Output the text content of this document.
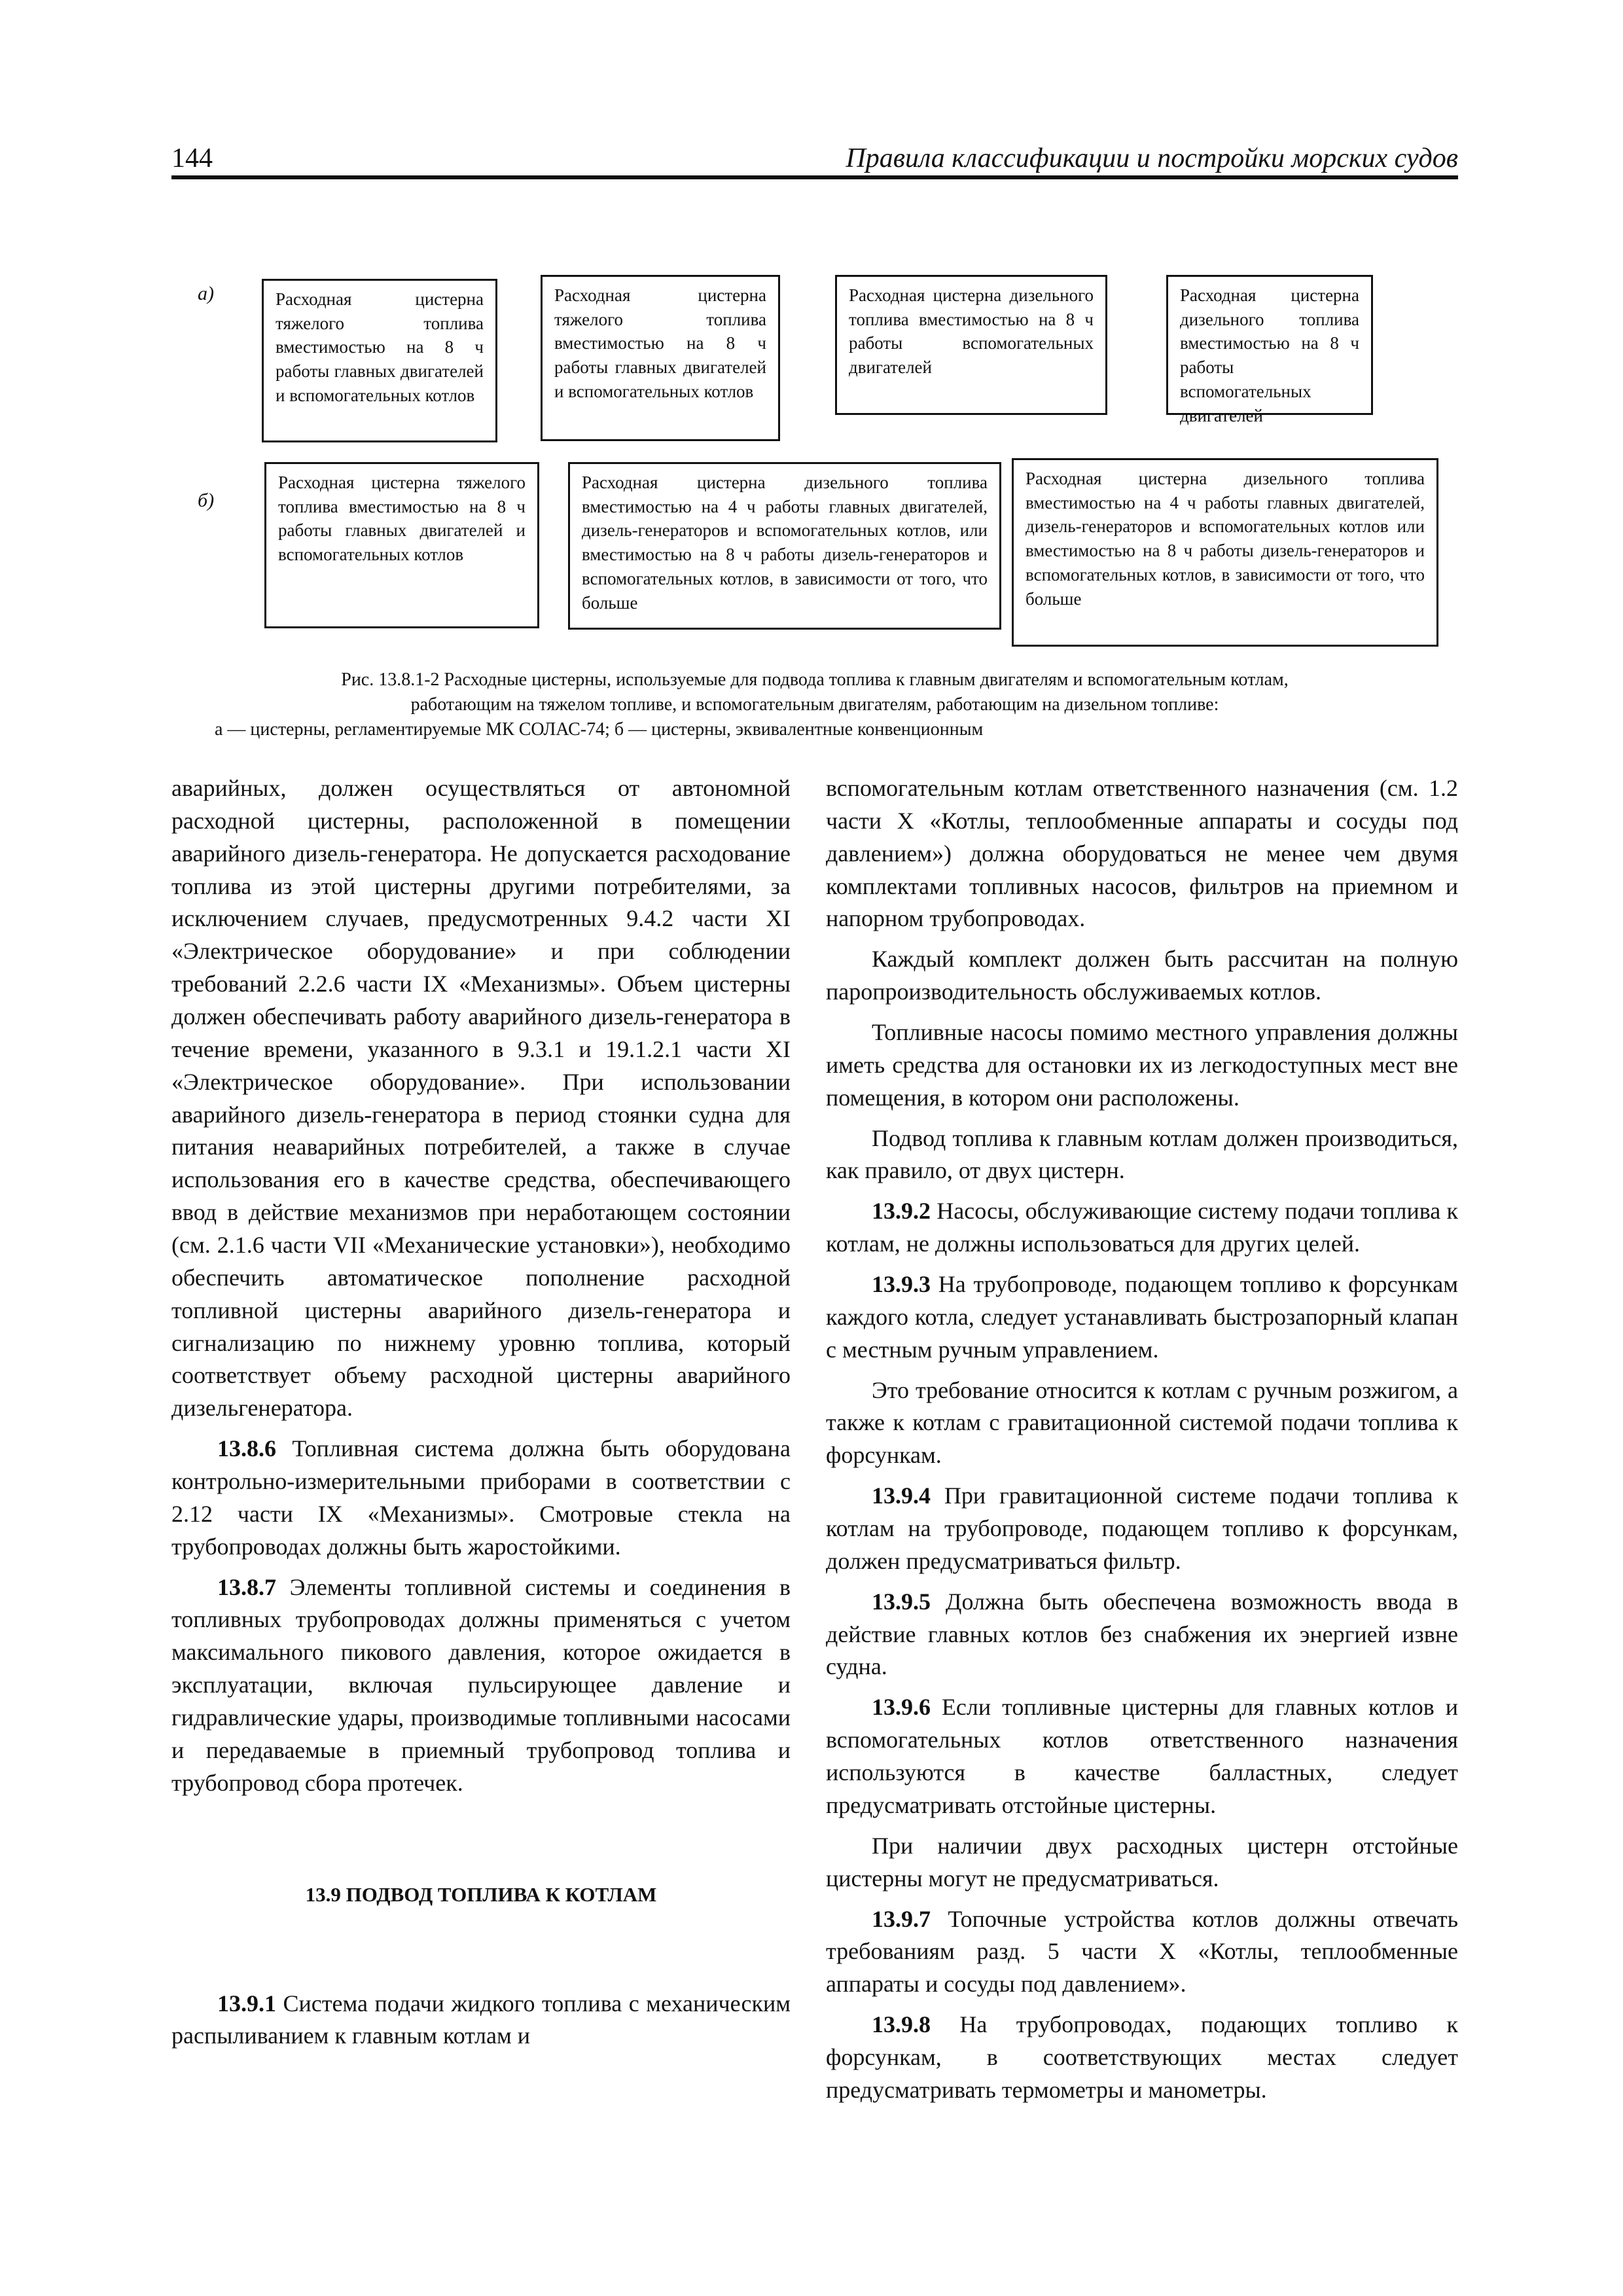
144	Правила классификации и постройки морских судов
а)	Расходная цистерна тяжелого топлива вместимостью на 8 ч работы главных двигателей и вспомогательных котлов
Расходная цистерна тяжелого топлива вместимостью на 8 ч работы главных двигателей и вспомогательных котлов
Расходная цистерна дизельного топлива вместимостью на 8 ч работы вспомогательных двигателей
Расходная цистерна дизельного топлива вместимостью на 8 ч работы вспомогательных двигателей
б)
Расходная цистерна тяжелого топлива вместимостью на 8 ч работы главных двигателей и вспомогательных котлов
Расходная цистерна дизельного топлива вместимостью на 4 ч работы главных двигателей, дизель-генераторов и вспомогательных котлов, или вместимостью на 8 ч работы дизель-генераторов и вспомогательных котлов, в зависимости от того, что больше
Расходная цистерна дизельного топлива вместимостью на 4 ч работы главных двигателей, дизель-генераторов и вспомогательных котлов или вместимостью на 8 ч работы дизель-генераторов и вспомогательных котлов, в зависимости от того, что больше
Рис. 13.8.1-2 Расходные цистерны, используемые для подвода топлива к главным двигателям и вспомогательным котлам,
работающим на тяжелом топливе, и вспомогательным двигателям, работающим на дизельном топливе:
а — цистерны, регламентируемые МК СОЛАС-74; б — цистерны, эквивалентные конвенционным

аварийных, должен осуществляться от автономной расходной цистерны, расположенной в помещении аварийного дизель-генератора. Не допускается расходование топлива из этой цистерны другими потребителями, за исключением случаев, предусмотренных 9.4.2 части XI «Электрическое оборудование» и при соблюдении требований 2.2.6 части IX «Механизмы». Объем цистерны должен обеспечивать работу аварийного дизель-генератора в течение времени, указанного в 9.3.1 и 19.1.2.1 части XI «Электрическое оборудование». При использовании аварийного дизель-генератора в период стоянки судна для питания неаварийных потребителей, а также в случае использования его в качестве средства, обеспечивающего ввод в действие механизмов при неработающем состоянии (см. 2.1.6 части VII «Механические установки»), необходимо обеспечить автоматическое пополнение расходной топливной цистерны аварийного дизель-генератора и сигнализацию по нижнему уровню топлива, который соответствует объему расходной цистерны аварийного дизельгенератора.

13.8.6 Топливная система должна быть оборудована контрольно-измерительными приборами в соответствии с 2.12 части IX «Механизмы». Смотровые стекла на трубопроводах должны быть жаростойкими.

13.8.7 Элементы топливной системы и соединения в топливных трубопроводах должны применяться с учетом максимального пикового давления, которое ожидается в эксплуатации, включая пульсирующее давление и гидравлические удары, производимые топливными насосами и передаваемые в приемный трубопровод топлива и трубопровод сбора протечек.

13.9 ПОДВОД ТОПЛИВА К КОТЛАМ

13.9.1 Система подачи жидкого топлива с механическим распыливанием к главным котлам и

вспомогательным котлам ответственного назначения (см. 1.2 части X «Котлы, теплообменные аппараты и сосуды под давлением») должна оборудоваться не менее чем двумя комплектами топливных насосов, фильтров на приемном и напорном трубопроводах.

Каждый комплект должен быть рассчитан на полную паропроизводительность обслуживаемых котлов.

Топливные насосы помимо местного управления должны иметь средства для остановки их из легкодоступных мест вне помещения, в котором они расположены.

Подвод топлива к главным котлам должен производиться, как правило, от двух цистерн.

13.9.2 Насосы, обслуживающие систему подачи топлива к котлам, не должны использоваться для других целей.

13.9.3 На трубопроводе, подающем топливо к форсункам каждого котла, следует устанавливать быстрозапорный клапан с местным ручным управлением.

Это требование относится к котлам с ручным розжигом, а также к котлам с гравитационной системой подачи топлива к форсункам.

13.9.4 При гравитационной системе подачи топлива к котлам на трубопроводе, подающем топливо к форсункам, должен предусматриваться фильтр.

13.9.5 Должна быть обеспечена возможность ввода в действие главных котлов без снабжения их энергией извне судна.

13.9.6 Если топливные цистерны для главных котлов и вспомогательных котлов ответственного назначения используются в качестве балластных, следует предусматривать отстойные цистерны.

При наличии двух расходных цистерн отстойные цистерны могут не предусматриваться.

13.9.7 Топочные устройства котлов должны отвечать требованиям разд. 5 части X «Котлы, теплообменные аппараты и сосуды под давлением».

13.9.8 На трубопроводах, подающих топливо к форсункам, в соответствующих местах следует предусматривать термометры и манометры.
